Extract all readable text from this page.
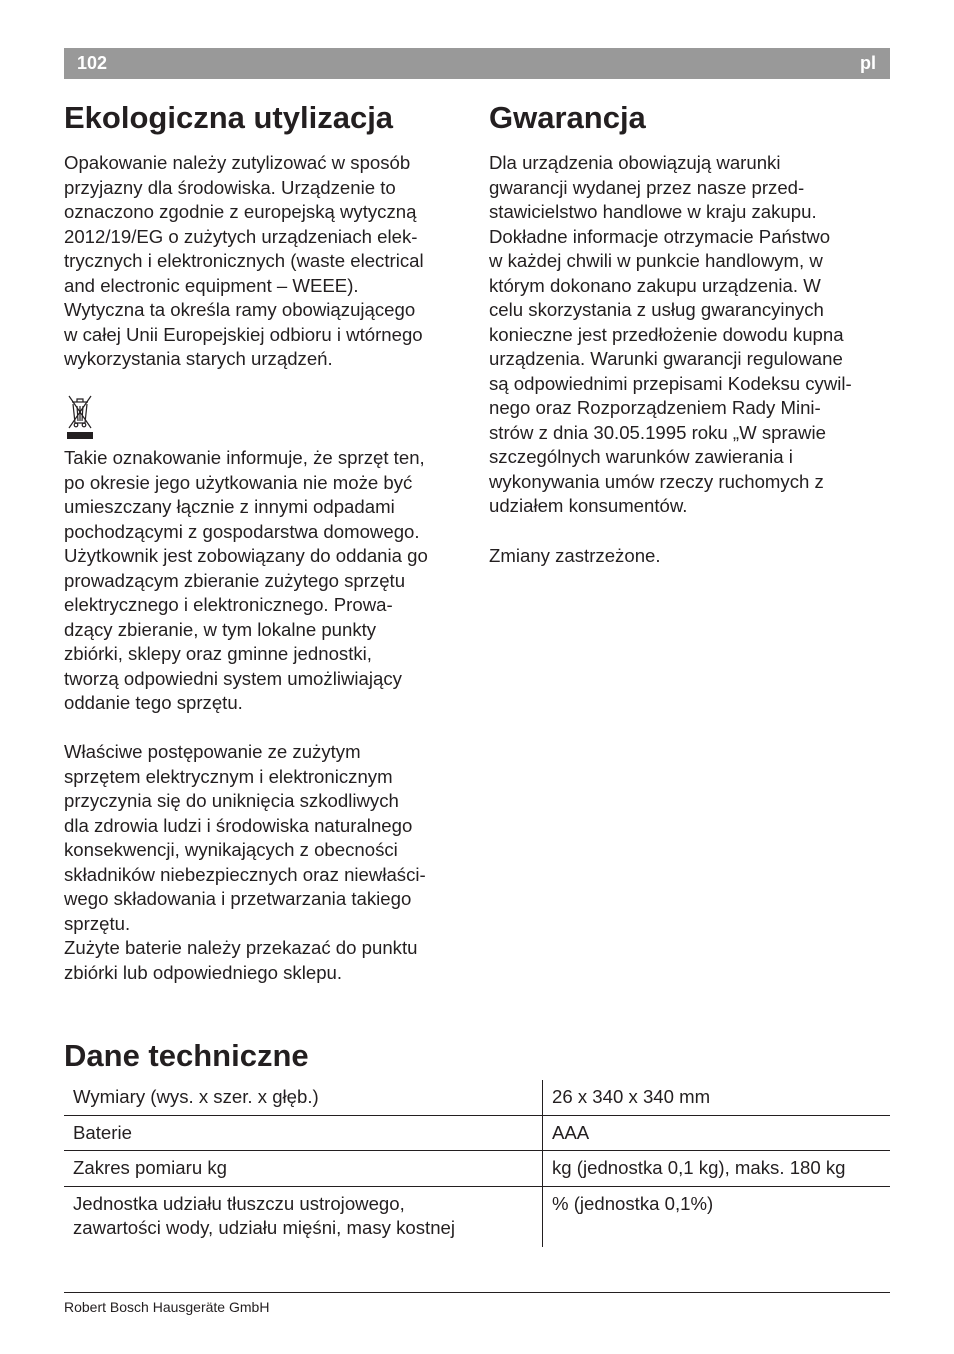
102	pl
Ekologiczna utylizacja

Opakowanie należy zutylizować w sposób
przyjazny dla środowiska. Urządzenie to
oznaczono zgodnie z europejską wytyczną
2012/19/EG o zużytych urządzeniach elek-
trycznych i elektronicznych (waste electrical
and electronic equipment – WEEE).
Wytyczna ta określa ramy obowiązującego
w całej Unii Europejskiej odbioru i wtórnego
wykorzystania starych urządzeń.

Takie oznakowanie informuje, że sprzęt ten,
po okresie jego użytkowania nie może być
umieszczany łącznie z innymi odpadami
pochodzącymi z gospodarstwa domowego.
Użytkownik jest zobowiązany do oddania go
prowadzącym zbieranie zużytego sprzętu
elektrycznego i elektronicznego. Prowa-
dzący zbieranie, w tym lokalne punkty
zbiórki, sklepy oraz gminne jednostki,
tworzą odpowiedni system umożliwiający
oddanie tego sprzętu.

Właściwe postępowanie ze zużytym
sprzętem elektrycznym i elektronicznym
przyczynia się do uniknięcia szkodliwych
dla zdrowia ludzi i środowiska naturalnego
konsekwencji, wynikających z obecności
składników niebezpiecznych oraz niewłaści-
wego składowania i przetwarzania takiego
sprzętu.
Zużyte baterie należy przekazać do punktu
zbiórki lub odpowiedniego sklepu.

Gwarancja

Dla urządzenia obowiązują warunki
gwarancji wydanej przez nasze przed-
stawicielstwo handlowe w kraju zakupu.
Dokładne informacje otrzymacie Państwo
w każdej chwili w punkcie handlowym, w
którym dokonano zakupu urządzenia. W
celu skorzystania z usług gwarancyinych
konieczne jest przedłożenie dowodu kupna
urządzenia. Warunki gwarancji regulowane
są odpowiednimi przepisami Kodeksu cywil-
nego oraz Rozporządzeniem Rady Mini-
strów z dnia 30.05.1995 roku „W sprawie
szczególnych warunków zawierania i
wykonywania umów rzeczy ruchomych z
udziałem konsumentów.

Zmiany zastrzeżone.

Dane techniczne
Wymiary (wys. x szer. x głęb.)	26 x 340 x 340 mm
Baterie	AAA
Zakres pomiaru kg	kg (jednostka 0,1 kg), maks. 180 kg
Jednostka udziału tłuszczu ustrojowego,
zawartości wody, udziału mięśni, masy kostnej	% (jednostka 0,1%)
Robert Bosch Hausgeräte GmbH
